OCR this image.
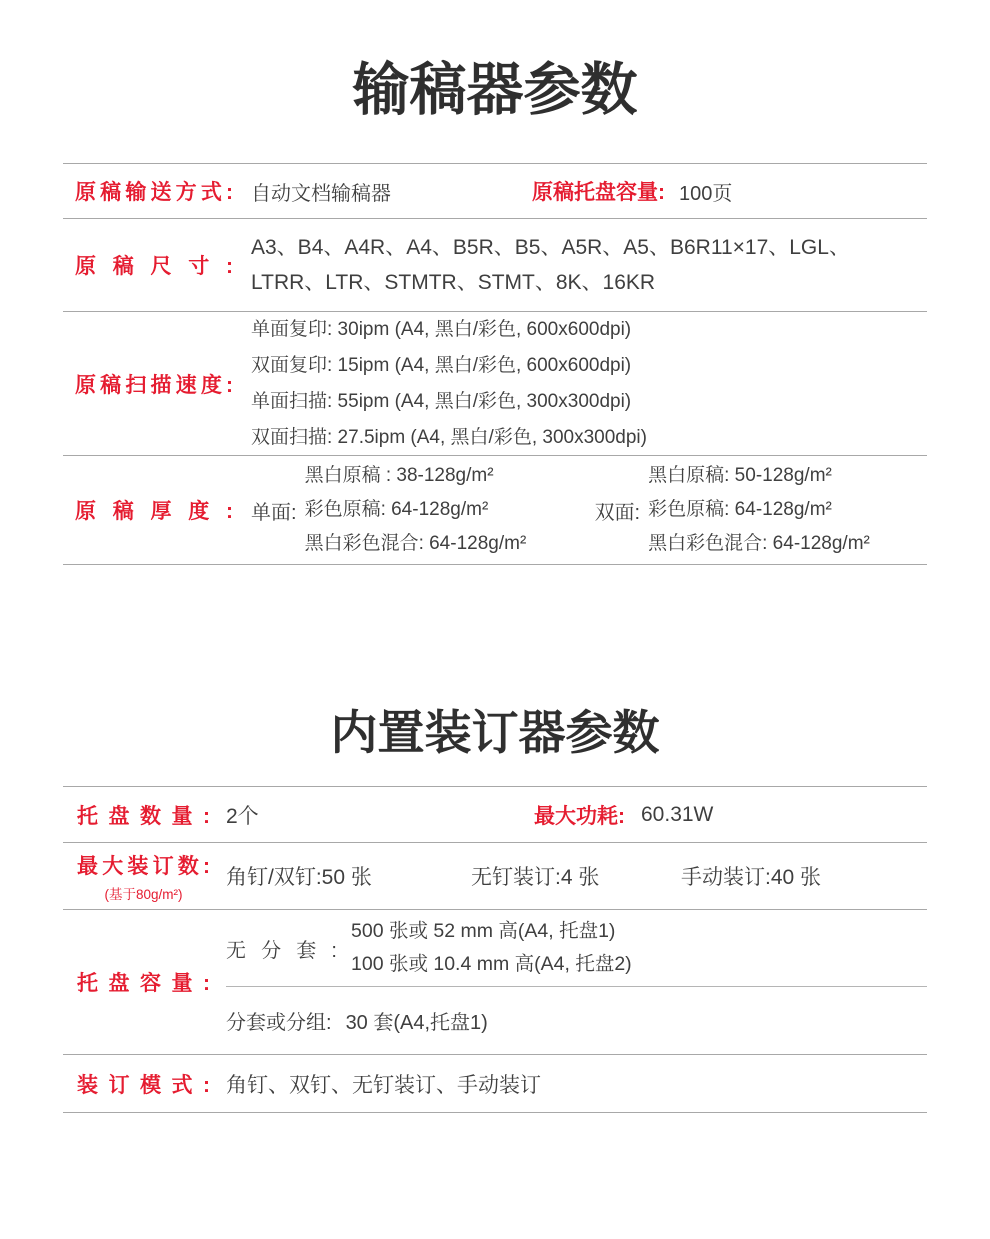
输稿器参数
原稿输送方式: 自动文档输稿器	原稿托盘容量: 100页
原稿尺寸:
A3、B4、A4R、A4、B5R、B5、A5R、A5、B6R11×17、LGL、LTRR、LTR、STMTR、STMT、8K、16KR
原稿扫描速度:
单面复印: 30ipm (A4, 黑白/彩色, 600x600dpi)
双面复印: 15ipm (A4, 黑白/彩色, 600x600dpi)
单面扫描: 55ipm (A4, 黑白/彩色, 300x300dpi)
双面扫描: 27.5ipm (A4, 黑白/彩色, 300x300dpi)
原稿厚度: 单面:
黑白原稿 : 38-128g/m²
彩色原稿: 64-128g/m²
黑白彩色混合: 64-128g/m²
双面:
黑白原稿: 50-128g/m²
彩色原稿: 64-128g/m²
黑白彩色混合: 64-128g/m²
内置装订器参数
托盘数量: 2个	最大功耗: 60.31W
最大装订数:
(基于80g/m²)
角钉/双钉:50 张	无钉装订:4 张	手动装订:40 张
托盘容量:
无分套:
500 张或 52 mm 高(A4, 托盘1)
100 张或 10.4 mm 高(A4, 托盘2)
分套或分组: 30 套(A4,托盘1)
装订模式: 角钉、双钉、无钉装订、手动装订
